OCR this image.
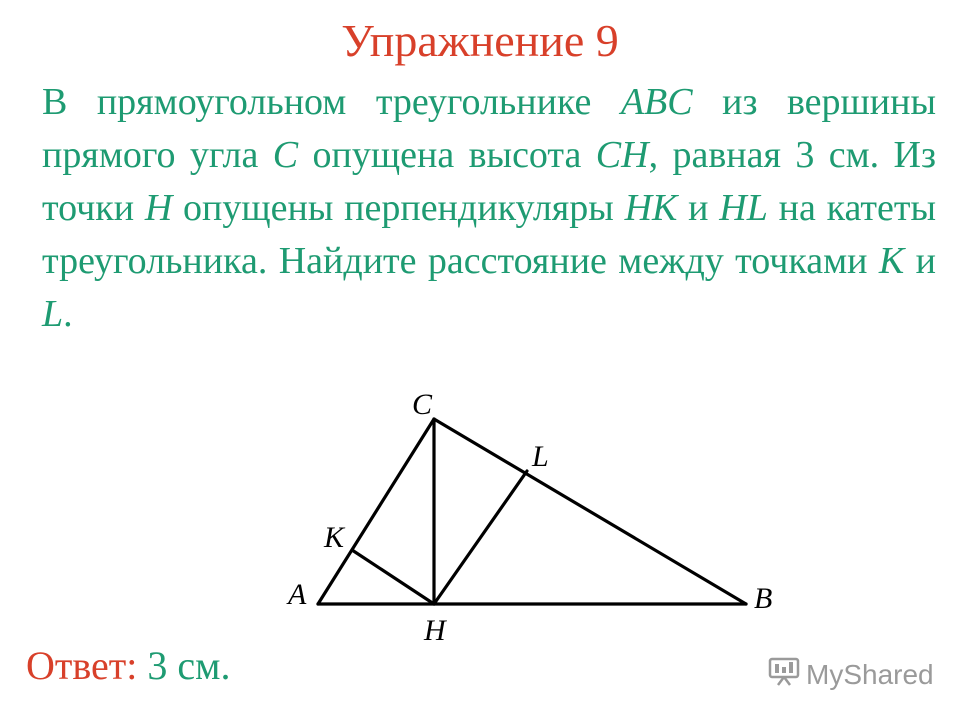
Упражнение 9
В прямоугольном треугольнике ABC из вершины прямого угла C опущена высота CH, равная 3 см. Из точки H опущены перпендикуляры HK и HL на катеты треугольника. Найдите расстояние между точками K и L.
C
L
K
A
H
B
Ответ: 3 см.	MyShared
